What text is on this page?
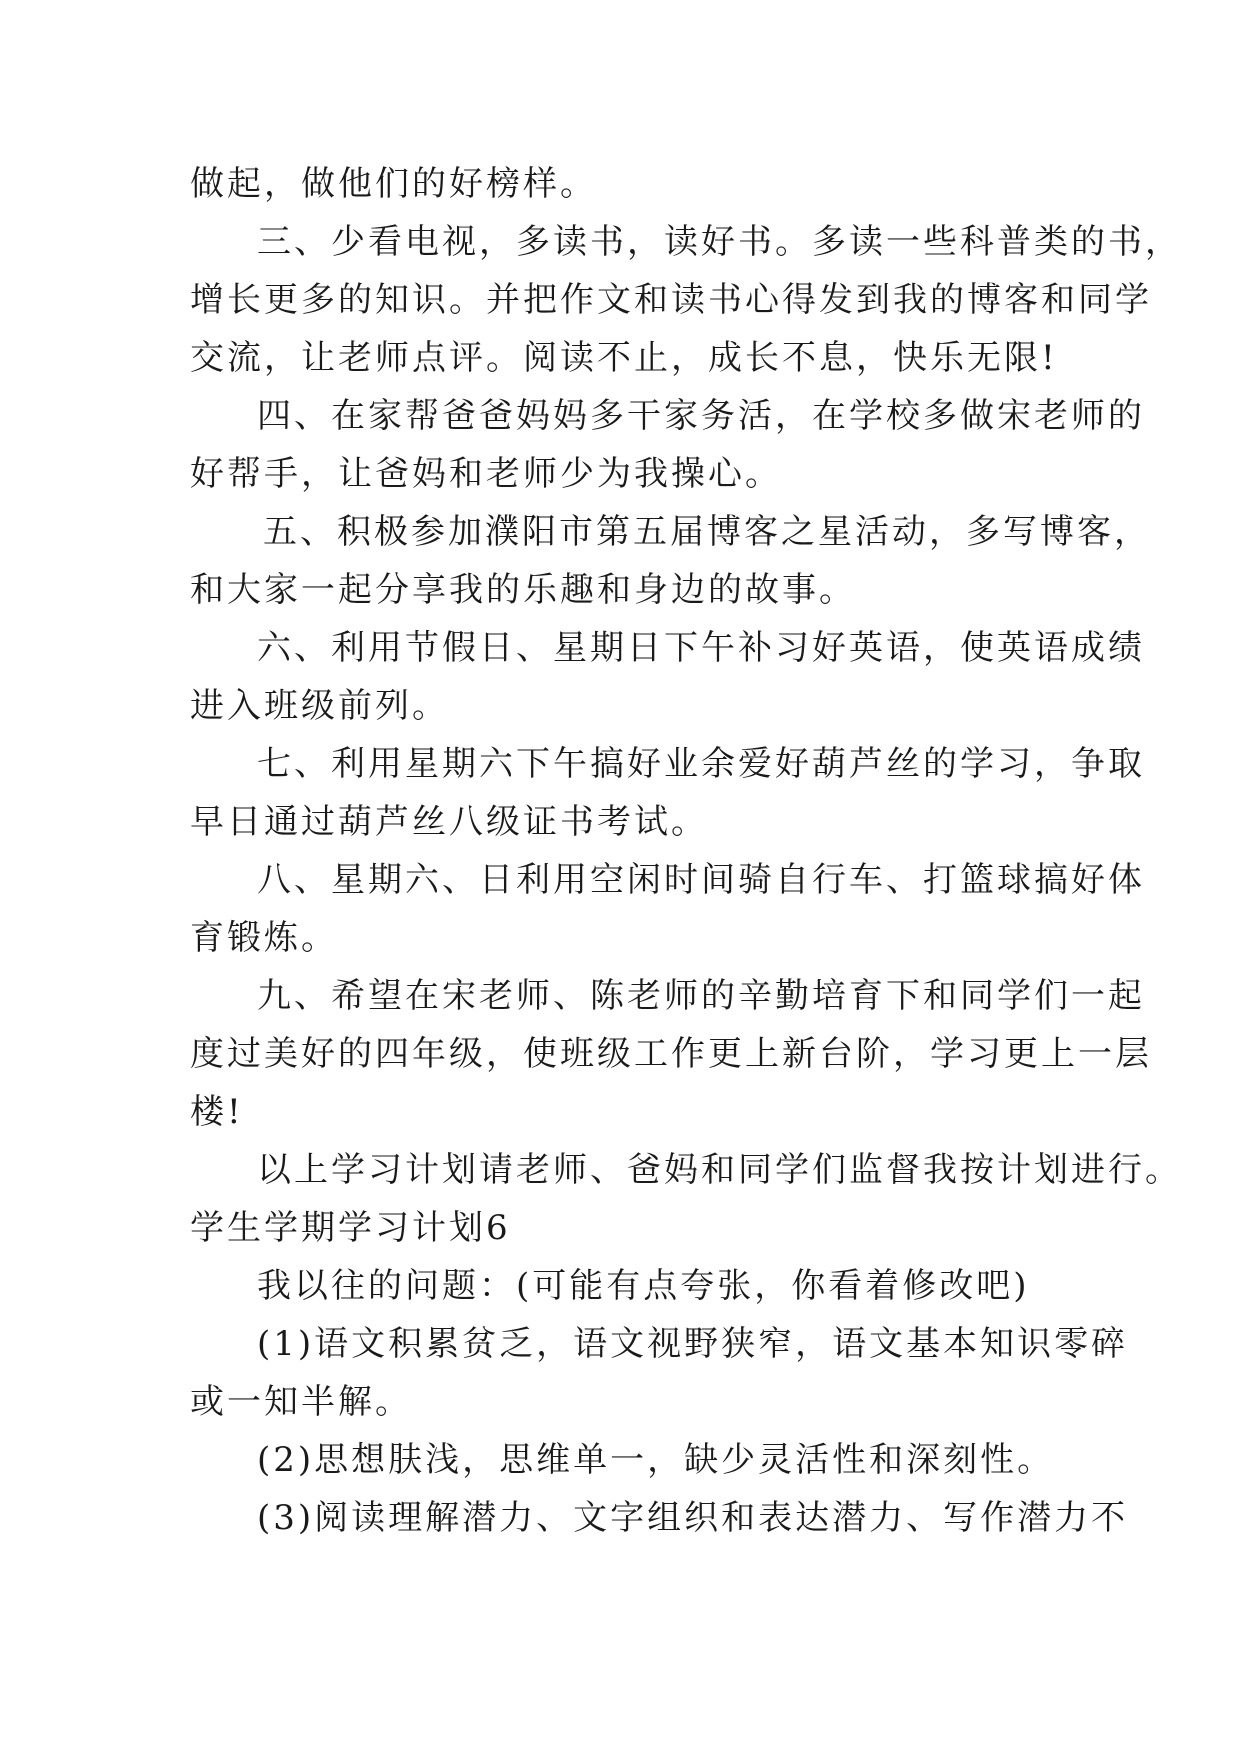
做起，做他们的好榜样。
三、少看电视，多读书，读好书。多读一些科普类的书，
增长更多的知识。并把作文和读书心得发到我的博客和同学
交流，让老师点评。阅读不止，成长不息，快乐无限!
四、在家帮爸爸妈妈多干家务活，在学校多做宋老师的
好帮手，让爸妈和老师少为我操心。
五、积极参加濮阳市第五届博客之星活动，多写博客，
和大家一起分享我的乐趣和身边的故事。
六、利用节假日、星期日下午补习好英语，使英语成绩
进入班级前列。
七、利用星期六下午搞好业余爱好葫芦丝的学习，争取
早日通过葫芦丝八级证书考试。
八、星期六、日利用空闲时间骑自行车、打篮球搞好体
育锻炼。
九、希望在宋老师、陈老师的辛勤培育下和同学们一起
度过美好的四年级，使班级工作更上新台阶，学习更上一层
楼!
以上学习计划请老师、爸妈和同学们监督我按计划进行。
学生学期学习计划6
我以往的问题：(可能有点夸张，你看着修改吧)
(1)语文积累贫乏，语文视野狭窄，语文基本知识零碎
或一知半解。
(2)思想肤浅，思维单一，缺少灵活性和深刻性。
(3)阅读理解潜力、文字组织和表达潜力、写作潜力不
